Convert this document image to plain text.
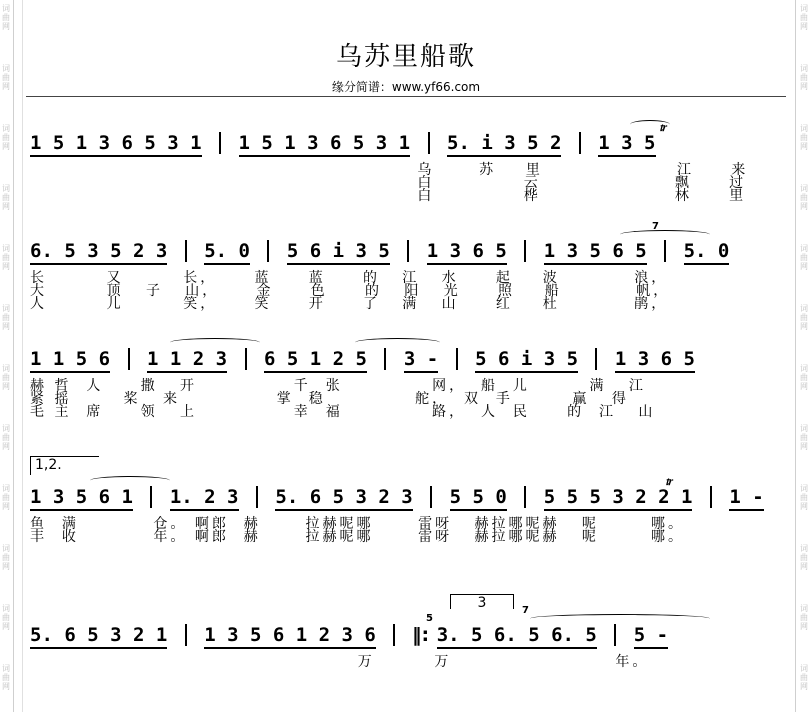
词
曲
网
词
曲
网
词
曲
网
词
曲
网
词
曲
网
词
曲
网
词
曲
网
词
曲
网
词
曲
网
词
曲
网
词
曲
网
词
曲
网
词
曲
网
词
曲
网
词
曲
网
词
曲
网
词
曲
网
词
曲
网
词
曲
网
词
曲
网
词
曲
网
词
曲
网
词
曲
网
词
曲
网
乌苏里船歌
缘分简谱：www.yf66.com
1 5 1 3 6 5 3 1 1 5 1 3 6 5 3 1 5. i 3 5 2 1 3 5
𝆖
乌      苏    里                  江     来
白            云                  飘     过
白            桦                  林     里
6. 5 3 5 2 3 5. 0 5 6 i 3 5 1 3 6 5 1 3 5 6 5 5. 0
7
长        又        长，     蓝     蓝     的   江   水     起    波          浪，
大        顶   子   山，     金     色     的   阳   光     照    船          帆，
人        儿        笑，     笑     开     了   满   山     红    杜          鹃，
1 1 5 6 1 1 2 3 6 5 1 2 5 3 - 5 6 i 3 5 1 3 6 5
赫 哲  人     撒   开             千  张            网，  船  儿        满   江
紧 摇       桨   来             掌  稳            舵，  双  手        赢   得
毛 主  席     领   上             幸  福            路，  人  民     的  江   山
1,2.
1 3 5 6 1 1. 2 3 5. 6 5 3 2 3 5 5 0 5 5 5 3 2 2 1 1 -
𝆖
鱼  满          仓。 啊郎  赫      拉赫呢哪      雷呀   赫拉哪呢赫   呢       哪。
丰  收          年。 啊郎  赫      拉赫呢哪      雷呀   赫拉哪呢赫   呢       哪。
3
‖:
5
7
5. 6 5 3 2 1 1 3 5 6 1 2 3 6	3. 5 6. 5 6. 5 5 -
万        万                      年。
